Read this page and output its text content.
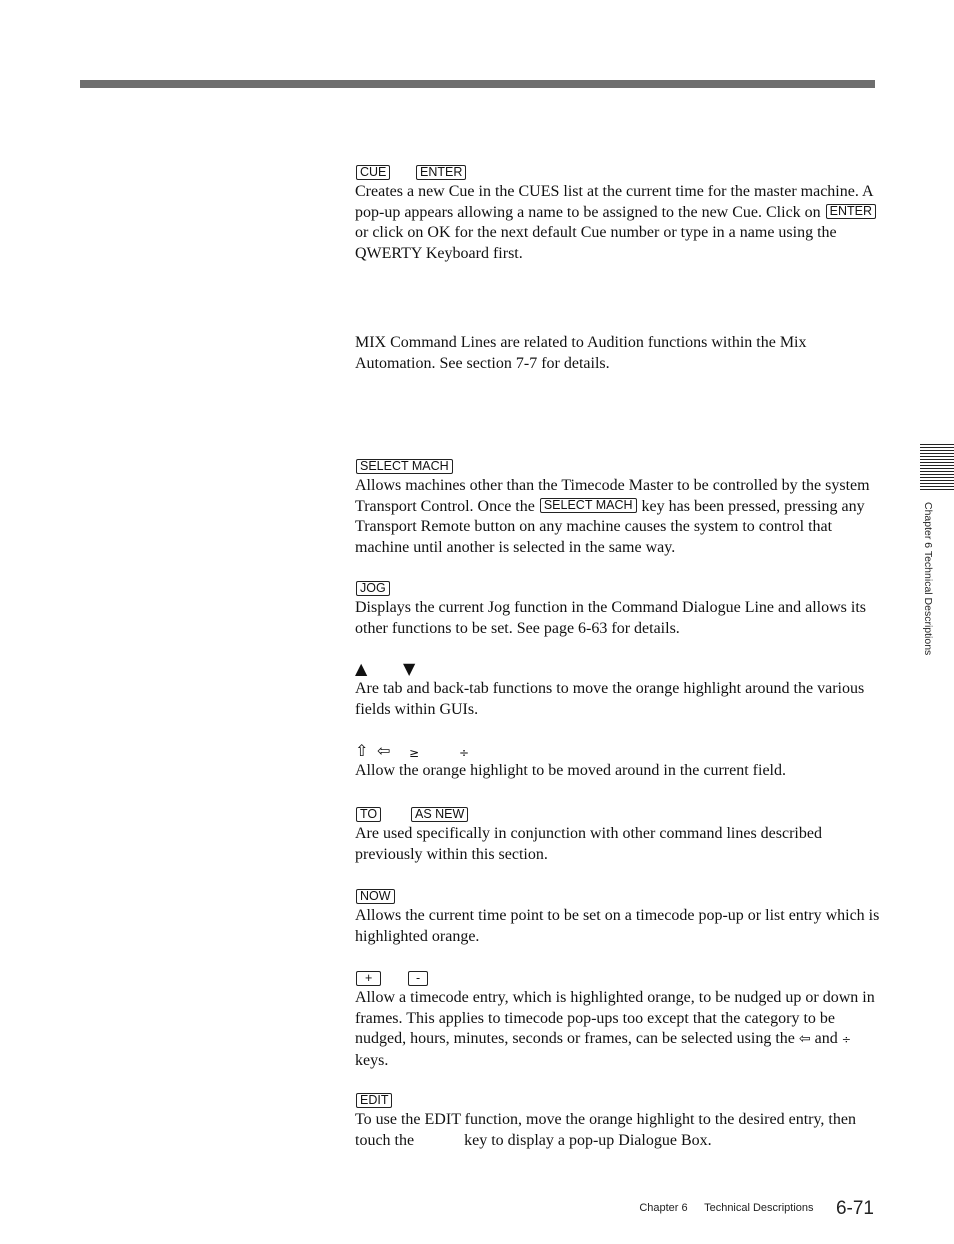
CUE	ENTER

Creates a new Cue in the CUES list at the current time for the master machine. A pop-up appears allowing a name to be assigned to the new Cue. Click on ENTER or click on OK for the next default Cue number or type in a name using the QWERTY Keyboard first.

MIX Command Lines are related to Audition functions within the Mix Automation. See section 7-7 for details.

SELECT MACH

Allows machines other than the Timecode Master to be controlled by the system Transport Control. Once the SELECT MACH key has been pressed, pressing any Transport Remote button on any machine causes the system to control that machine until another is selected in the same way.

JOG

Displays the current Jog function in the Command Dialogue Line and allows its other functions to be set. See page 6-63 for details.

▲ ▼

Are tab and back-tab functions to move the orange highlight around the various fields within GUIs.

⇧ ⇦ ≥	÷

Allow the orange highlight to be moved around in the current field.

TO	AS NEW

Are used specifically in conjunction with other command lines described previously within this section.

NOW

Allows the current time point to be set on a timecode pop-up or list entry which is highlighted orange.

+	-

Allow a timecode entry, which is highlighted orange, to be nudged up or down in frames. This applies to timecode pop-ups too except that the category to be nudged, hours, minutes, seconds or frames, can be selected using the ⇦ and ÷   keys.

EDIT

To use the EDIT function, move the orange highlight to the desired entry, then touch the	key to display a pop-up Dialogue Box.

Chapter 6 Technical Descriptions
Chapter 6 Technical Descriptions 6-71
